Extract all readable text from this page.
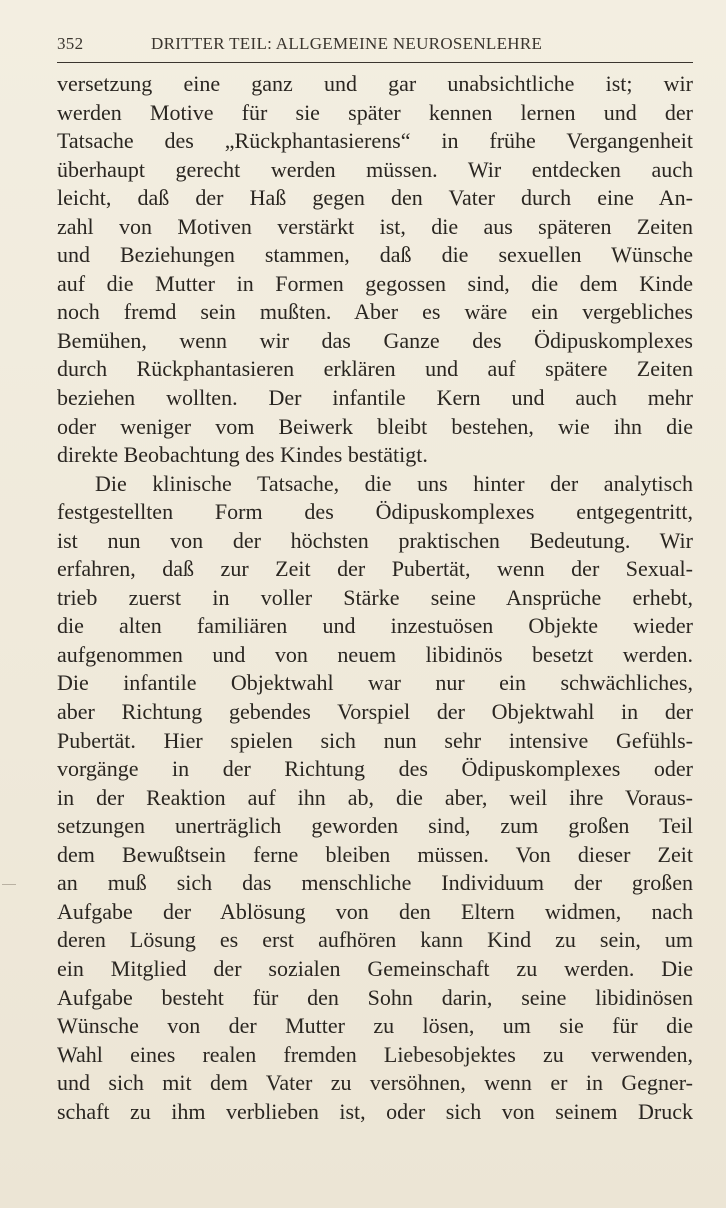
352	DRITTER TEIL: ALLGEMEINE NEUROSENLEHRE
versetzung eine ganz und gar unabsichtliche ist; wir
werden Motive für sie später kennen lernen und der
Tatsache des „Rückphantasierens“ in frühe Vergangenheit
überhaupt gerecht werden müssen. Wir entdecken auch
leicht, daß der Haß gegen den Vater durch eine An-
zahl von Motiven verstärkt ist, die aus späteren Zeiten
und Beziehungen stammen, daß die sexuellen Wünsche
auf die Mutter in Formen gegossen sind, die dem Kinde
noch fremd sein mußten. Aber es wäre ein vergebliches
Bemühen, wenn wir das Ganze des Ödipuskomplexes
durch Rückphantasieren erklären und auf spätere Zeiten
beziehen wollten. Der infantile Kern und auch mehr
oder weniger vom Beiwerk bleibt bestehen, wie ihn die
direkte Beobachtung des Kindes bestätigt.
Die klinische Tatsache, die uns hinter der analytisch
festgestellten Form des Ödipuskomplexes entgegentritt,
ist nun von der höchsten praktischen Bedeutung. Wir
erfahren, daß zur Zeit der Pubertät, wenn der Sexual-
trieb zuerst in voller Stärke seine Ansprüche erhebt,
die alten familiären und inzestuösen Objekte wieder
aufgenommen und von neuem libidinös besetzt werden.
Die infantile Objektwahl war nur ein schwächliches,
aber Richtung gebendes Vorspiel der Objektwahl in der
Pubertät. Hier spielen sich nun sehr intensive Gefühls-
vorgänge in der Richtung des Ödipuskomplexes oder
in der Reaktion auf ihn ab, die aber, weil ihre Voraus-
setzungen unerträglich geworden sind, zum großen Teil
dem Bewußtsein ferne bleiben müssen. Von dieser Zeit
an muß sich das menschliche Individuum der großen
Aufgabe der Ablösung von den Eltern widmen, nach
deren Lösung es erst aufhören kann Kind zu sein, um
ein Mitglied der sozialen Gemeinschaft zu werden. Die
Aufgabe besteht für den Sohn darin, seine libidinösen
Wünsche von der Mutter zu lösen, um sie für die
Wahl eines realen fremden Liebesobjektes zu verwenden,
und sich mit dem Vater zu versöhnen, wenn er in Gegner-
schaft zu ihm verblieben ist, oder sich von seinem Druck
